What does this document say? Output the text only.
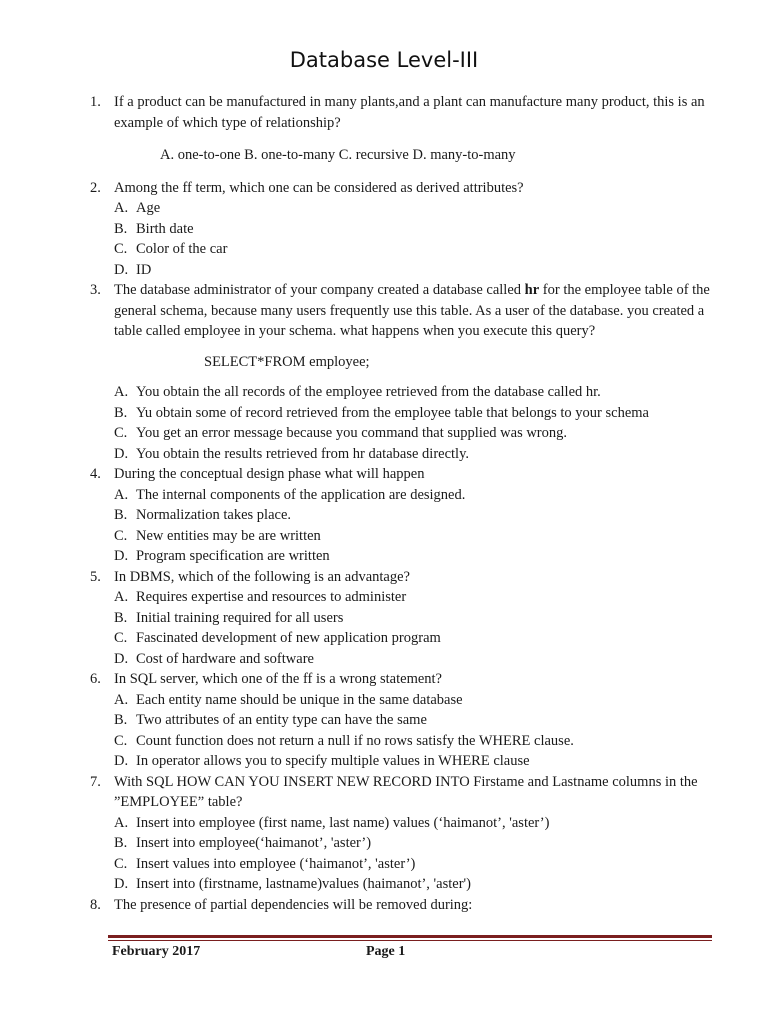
Database Level-III
1. If a product can be manufactured in many plants,and a plant can manufacture many product, this is an example of which type of relationship?
A. one-to-one B. one-to-many C. recursive D. many-to-many
2. Among the ff term, which one can be considered as derived attributes?
A. Age
B. Birth date
C. Color of the car
D. ID
3. The database administrator of your company created a database called hr for the employee table of the general schema, because many users frequently use this table. As a user of the database. you created a table called employee in your schema. what happens when you execute this query?
SELECT*FROM employee;
A. You obtain the all records of the employee retrieved from the database called hr.
B. Yu obtain some of record retrieved from the employee table that belongs to your schema
C. You get an error message because you command that supplied was wrong.
D. You obtain the results retrieved from hr database directly.
4. During the conceptual design phase what will happen
A. The internal components of the application are designed.
B. Normalization takes place.
C. New entities may be are written
D. Program specification are written
5. In DBMS, which of the following is an advantage?
A. Requires expertise and resources to administer
B. Initial training required for all users
C. Fascinated development of new application program
D. Cost of hardware and software
6. In SQL server, which one of the ff is a wrong statement?
A. Each entity name should be unique in the same database
B. Two attributes of an entity type can have the same
C. Count function does not return a null if no rows satisfy the WHERE clause.
D. In operator allows you to specify multiple values in WHERE clause
7. With SQL HOW CAN YOU INSERT NEW RECORD INTO Firstame and Lastname columns in the ”EMPLOYEE” table?
A. Insert into employee (first name, last name) values (‘haimanot’, 'aster’)
B. Insert into employee(‘haimanot’, 'aster’)
C. Insert values into employee (‘haimanot’, 'aster’)
D. Insert into (firstname, lastname)values (haimanot’, 'aster')
8. The presence of partial dependencies will be removed during:
February 2017	Page 1
